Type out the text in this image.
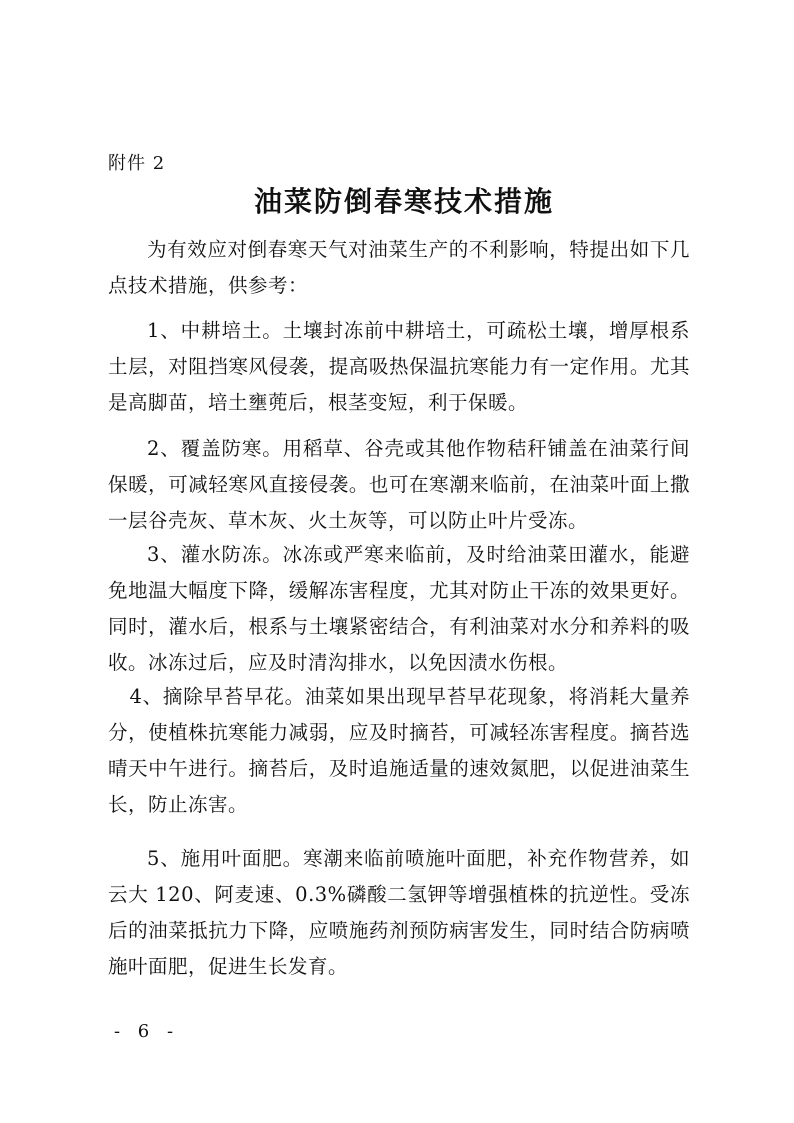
附件 2
油菜防倒春寒技术措施

为有效应对倒春寒天气对油菜生产的不利影响，特提出如下几点技术措施，供参考：

1、中耕培土。土壤封冻前中耕培土，可疏松土壤，增厚根系土层，对阻挡寒风侵袭，提高吸热保温抗寒能力有一定作用。尤其是高脚苗，培土壅蔸后，根茎变短，利于保暖。

2、覆盖防寒。用稻草、谷壳或其他作物秸秆铺盖在油菜行间保暖，可减轻寒风直接侵袭。也可在寒潮来临前，在油菜叶面上撒一层谷壳灰、草木灰、火土灰等，可以防止叶片受冻。

3、灌水防冻。冰冻或严寒来临前，及时给油菜田灌水，能避免地温大幅度下降，缓解冻害程度，尤其对防止干冻的效果更好。同时，灌水后，根系与土壤紧密结合，有利油菜对水分和养料的吸收。冰冻过后，应及时清沟排水，以免因渍水伤根。

4、摘除早苔早花。油菜如果出现早苔早花现象，将消耗大量养分，使植株抗寒能力减弱，应及时摘苔，可减轻冻害程度。摘苔选晴天中午进行。摘苔后，及时追施适量的速效氮肥，以促进油菜生长，防止冻害。

5、施用叶面肥。寒潮来临前喷施叶面肥，补充作物营养，如云大 120、阿麦速、0.3%磷酸二氢钾等增强植株的抗逆性。受冻后的油菜抵抗力下降，应喷施药剂预防病害发生，同时结合防病喷施叶面肥，促进生长发育。

- 6 -
